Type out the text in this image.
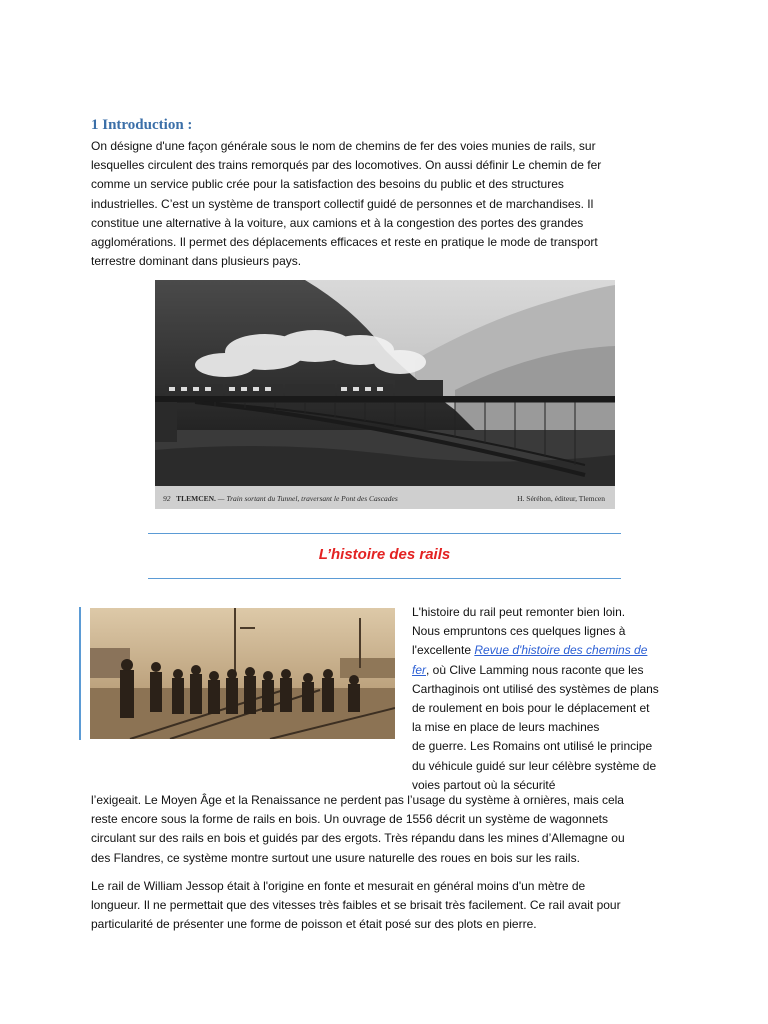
1 Introduction :

On désigne d'une façon générale sous le nom de chemins de fer des voies munies de rails, sur
lesquelles circulent des trains remorqués par des locomotives. On aussi définir Le chemin de fer
comme un service public crée pour la satisfaction des besoins du public et des structures
industrielles. C’est un système de transport collectif guidé de personnes et de marchandises. Il
constitue une alternative à la voiture, aux camions et à la congestion des portes des grandes
agglomérations. Il permet des déplacements efficaces et reste en pratique le mode de transport
terrestre dominant dans plusieurs pays.

92 TLEMCEN. — Train sortant du Tunnel, traversant le Pont des Cascades	H. Séréhon, éditeur, Tlemcen
L’histoire des rails
L'histoire du rail peut remonter bien loin.
Nous empruntons ces quelques lignes à
l'excellente Revue d'histoire des chemins de
fer, où Clive Lamming nous raconte que les
Carthaginois ont utilisé des systèmes de plans
de roulement en bois pour le déplacement et
la mise en place de leurs machines
de guerre. Les Romains ont utilisé le principe
du véhicule guidé sur leur célèbre système de
voies partout où la sécurité

l’exigeait. Le Moyen Âge et la Renaissance ne perdent pas l’usage du système à ornières, mais cela
reste encore sous la forme de rails en bois. Un ouvrage de 1556 décrit un système de wagonnets
circulant sur des rails en bois et guidés par des ergots. Très répandu dans les mines d’Allemagne ou
des Flandres, ce système montre surtout une usure naturelle des roues en bois sur les rails.

Le rail de William Jessop était à l'origine en fonte et mesurait en général moins d'un mètre de
longueur. Il ne permettait que des vitesses très faibles et se brisait très facilement. Ce rail avait pour
particularité de présenter une forme de poisson et était posé sur des plots en pierre.
